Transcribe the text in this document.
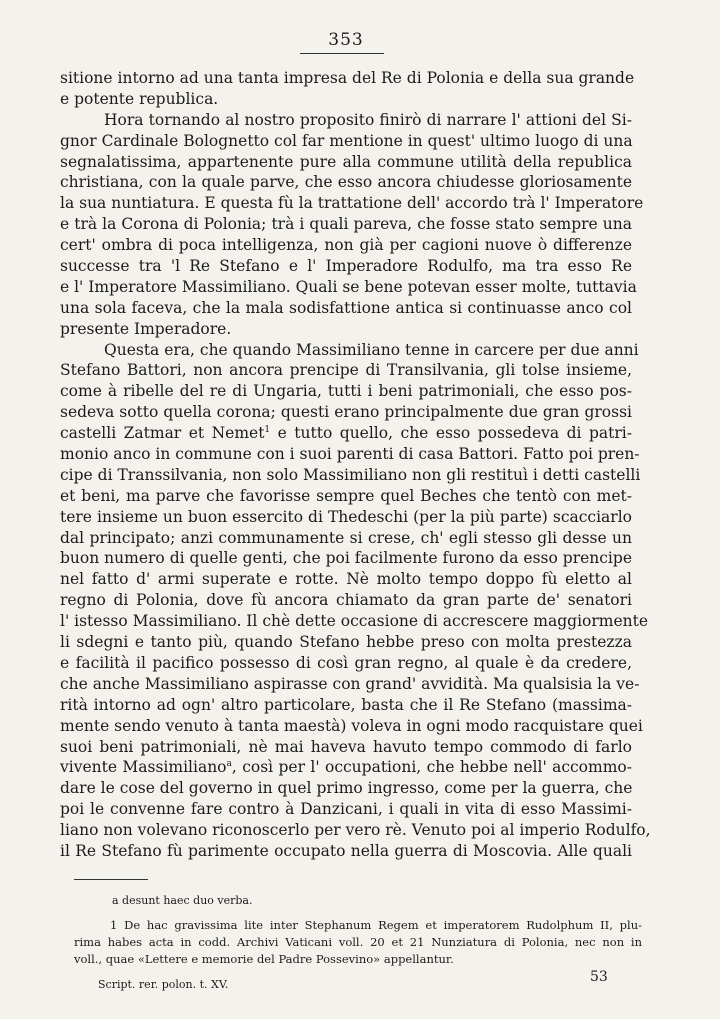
353
sitione intorno ad una tanta impresa del Re di Polonia e della sua grande
e potente republica.
Hora tornando al nostro proposito finirò di narrare l' attioni del Si-
gnor Cardinale Bolognetto col far mentione in quest' ultimo luogo di una
segnalatissima, appartenente pure alla commune utilità della republica
christiana, con la quale parve, che esso ancora chiudesse gloriosamente
la sua nuntiatura. E questa fù la trattatione dell' accordo trà l' Imperatore
e trà la Corona di Polonia; trà i quali pareva, che fosse stato sempre una
cert' ombra di poca intelligenza, non già per cagioni nuove ò differenze
successe tra 'l Re Stefano e l' Imperadore Rodulfo, ma tra esso Re
e l' Imperatore Massimiliano. Quali se bene potevan esser molte, tuttavia
una sola faceva, che la mala sodisfattione antica si continuasse anco col
presente Imperadore.
Questa era, che quando Massimiliano tenne in carcere per due anni
Stefano Battori, non ancora prencipe di Transilvania, gli tolse insieme,
come à ribelle del re di Ungaria, tutti i beni patrimoniali, che esso pos-
sedeva sotto quella corona; questi erano principalmente due gran grossi
castelli Zatmar et Nemet$^1$ e tutto quello, che esso possedeva di patri-
monio anco in commune con i suoi parenti di casa Battori. Fatto poi pren-
cipe di Transsilvania, non solo Massimiliano non gli restituì i detti castelli
et beni, ma parve che favorisse sempre quel Beches che tentò con met-
tere insieme un buon essercito di Thedeschi (per la più parte) scacciarlo
dal principato; anzi communamente si crese, ch' egli stesso gli desse un
buon numero di quelle genti, che poi facilmente furono da esso prencipe
nel fatto d' armi superate e rotte. Nè molto tempo doppo fù eletto al
regno di Polonia, dove fù ancora chiamato da gran parte de' senatori
l' istesso Massimiliano. Il chè dette occasione di accrescere maggiormente
li sdegni e tanto più, quando Stefano hebbe preso con molta prestezza
e facilità il pacifico possesso di così gran regno, al quale è da credere,
che anche Massimiliano aspirasse con grand' avvidità. Ma qualsisia la ve-
rità intorno ad ogn' altro particolare, basta che il Re Stefano (massima-
mente sendo venuto à tanta maestà) voleva in ogni modo racquistare quei
suoi beni patrimoniali, nè mai haveva havuto tempo commodo di farlo
vivente Massimiliano$^a$, così per l' occupationi, che hebbe nell' accommo-
dare le cose del governo in quel primo ingresso, come per la guerra, che
poi le convenne fare contro à Danzicani, i quali in vita di esso Massimi-
liano non volevano riconoscerlo per vero rè. Venuto poi al imperio Rodulfo,
il Re Stefano fù parimente occupato nella guerra di Moscovia. Alle quali
a desunt haec duo verba.
1 De hac gravissima lite inter Stephanum Regem et imperatorem Rudolphum II, plu-
rima habes acta in codd. Archivi Vaticani voll. 20 et 21 Nunziatura di Polonia, nec non in
voll., quae «Lettere e memorie del Padre Possevino» appellantur.
Script. rer. polon. t. XV.	53
